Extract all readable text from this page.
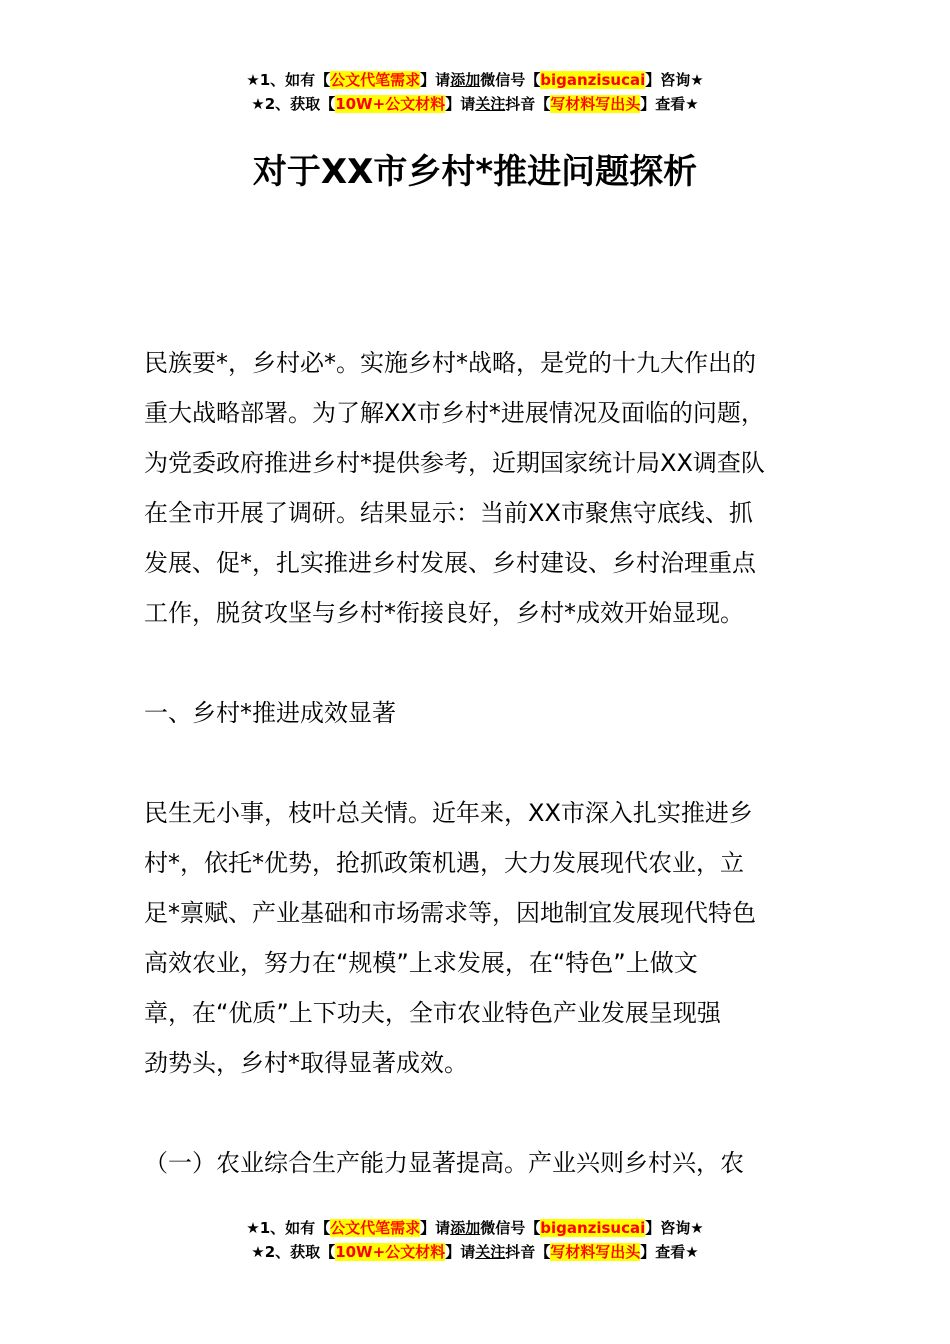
★1、如有【公文代笔需求】请添加微信号【biganzisucai】咨询★
★2、获取【10W+公文材料】请关注抖音【写材料写出头】查看★
对于XX市乡村*推进问题探析

民族要*，乡村必*。实施乡村*战略，是党的十九大作出的
重大战略部署。为了解XX市乡村*进展情况及面临的问题，
为党委政府推进乡村*提供参考，近期国家统计局XX调查队
在全市开展了调研。结果显示：当前XX市聚焦守底线、抓
发展、促*，扎实推进乡村发展、乡村建设、乡村治理重点
工作，脱贫攻坚与乡村*衔接良好，乡村*成效开始显现。

一、乡村*推进成效显著

民生无小事，枝叶总关情。近年来，XX市深入扎实推进乡
村*，依托*优势，抢抓政策机遇，大力发展现代农业，立
足*禀赋、产业基础和市场需求等，因地制宜发展现代特色
高效农业，努力在“规模”上求发展，在“特色”上做文
章，在“优质”上下功夫，全市农业特色产业发展呈现强
劲势头，乡村*取得显著成效。

（一）农业综合生产能力显著提高。产业兴则乡村兴，农

★1、如有【公文代笔需求】请添加微信号【biganzisucai】咨询★
★2、获取【10W+公文材料】请关注抖音【写材料写出头】查看★
